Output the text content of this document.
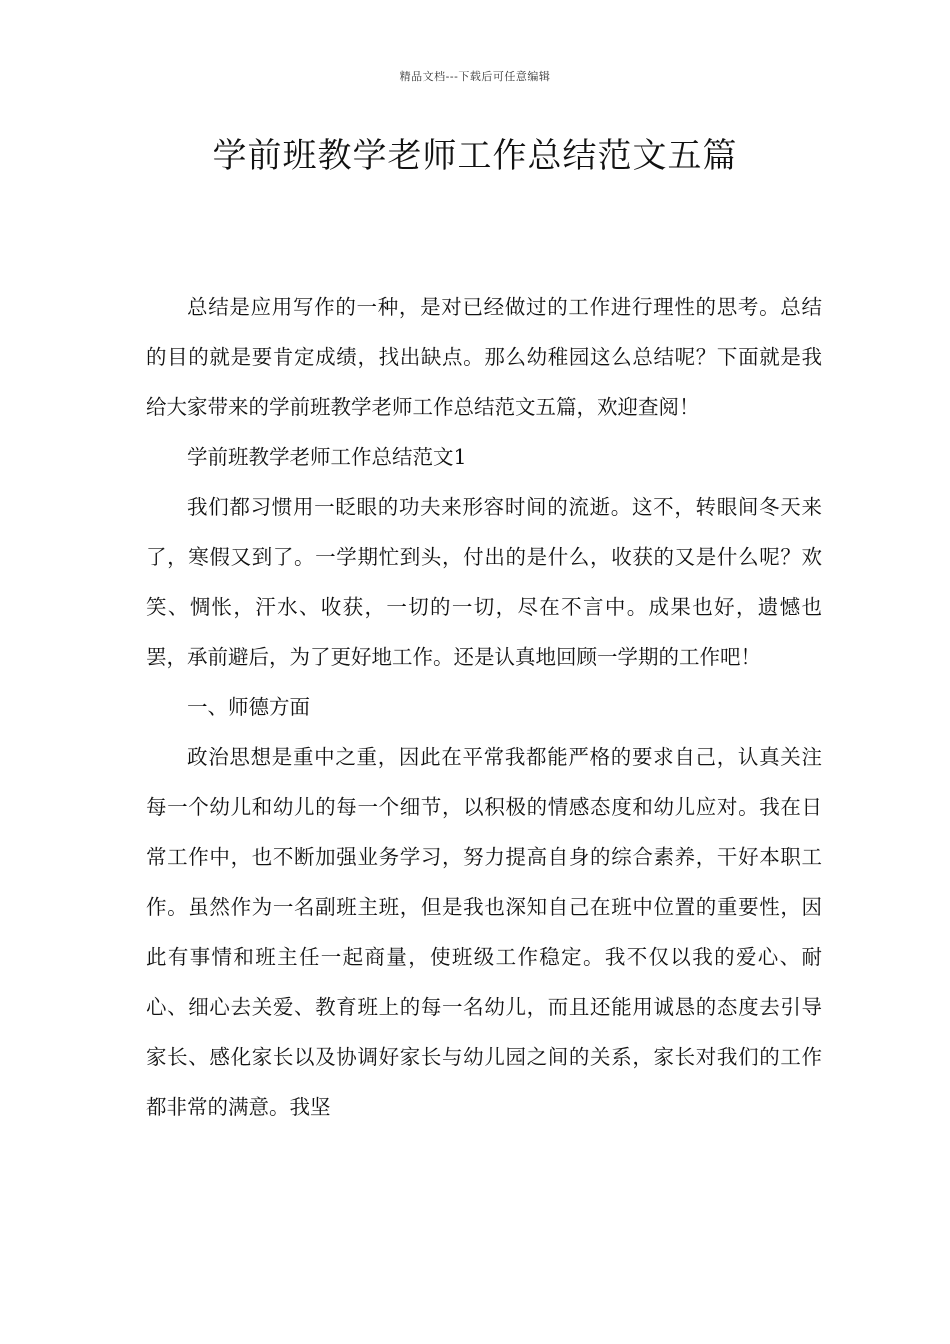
精品文档---下载后可任意编辑
学前班教学老师工作总结范文五篇

总结是应用写作的一种，是对已经做过的工作进行理性的思考。总结的目的就是要肯定成绩，找出缺点。那么幼稚园这么总结呢？下面就是我给大家带来的学前班教学老师工作总结范文五篇，欢迎查阅！

学前班教学老师工作总结范文1

我们都习惯用一眨眼的功夫来形容时间的流逝。这不，转眼间冬天来了，寒假又到了。一学期忙到头，付出的是什么，收获的又是什么呢？欢笑、惆怅，汗水、收获，一切的一切，尽在不言中。成果也好，遗憾也罢，承前避后，为了更好地工作。还是认真地回顾一学期的工作吧！

一、师德方面

政治思想是重中之重，因此在平常我都能严格的要求自己，认真关注每一个幼儿和幼儿的每一个细节，以积极的情感态度和幼儿应对。我在日常工作中，也不断加强业务学习，努力提高自身的综合素养，干好本职工作。虽然作为一名副班主班，但是我也深知自己在班中位置的重要性，因此有事情和班主任一起商量，使班级工作稳定。我不仅以我的爱心、耐心、细心去关爱、教育班上的每一名幼儿，而且还能用诚恳的态度去引导家长、感化家长以及协调好家长与幼儿园之间的关系，家长对我们的工作都非常的满意。我坚
